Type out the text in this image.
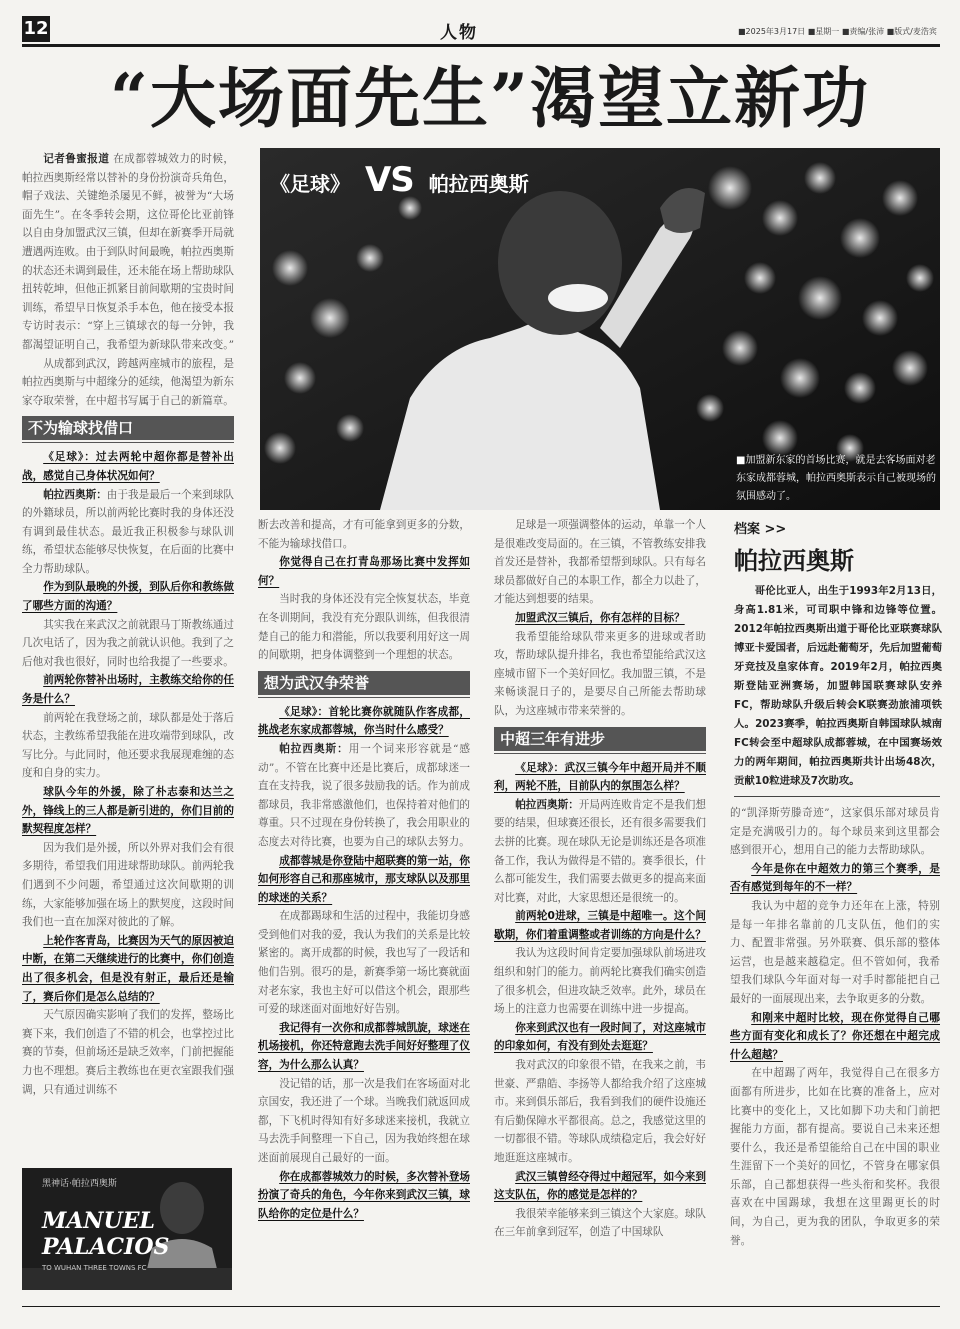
12	人物	■2025年3月17日 ■星期一 ■责编/张沛 ■版式/麦浩宾
“大场面先生”渴望立新功
《足球》 VS 帕拉西奥斯
■加盟新东家的首场比赛，就是去客场面对老东家成都蓉城，帕拉西奥斯表示自己被现场的氛围感动了。

记者鲁蜜报道 在成都蓉城效力的时候，帕拉西奥斯经常以替补的身份扮演奇兵角色，帽子戏法、关键绝杀屡见不鲜，被誉为“大场面先生”。在冬季转会期，这位哥伦比亚前锋以自由身加盟武汉三镇，但却在新赛季开局就遭遇两连败。由于到队时间最晚，帕拉西奥斯的状态还未调到最佳，还未能在场上帮助球队扭转乾坤，但他正抓紧目前间歇期的宝贵时间训练，希望早日恢复杀手本色，他在接受本报专访时表示：“穿上三镇球衣的每一分钟，我都渴望证明自己，我希望为新球队带来改变。”

从成都到武汉，跨越两座城市的旅程，是帕拉西奥斯与中超缘分的延续，他渴望为新东家夺取荣誉，在中超书写属于自己的新篇章。

不为输球找借口

《足球》：过去两轮中超你都是替补出战，感觉自己身体状况如何？

帕拉西奥斯：由于我是最后一个来到球队的外籍球员，所以前两轮比赛时我的身体还没有调到最佳状态。最近我正积极参与球队训练，希望状态能够尽快恢复，在后面的比赛中全力帮助球队。

作为到队最晚的外援，到队后你和教练做了哪些方面的沟通？

其实我在来武汉之前就跟马丁斯教练通过几次电话了，因为我之前就认识他。我到了之后他对我也很好，同时也给我提了一些要求。

前两轮你替补出场时，主教练交给你的任务是什么？

前两轮在我登场之前，球队都是处于落后状态，主教练希望我能在进攻端带到球队，改写比分。与此同时，他还要求我展现难缠的态度和自身的实力。

球队今年的外援，除了朴志泰和达兰之外，锋线上的三人都是新引进的，你们目前的默契程度怎样？

因为我们是外援，所以外界对我们会有很多期待，希望我们用进球帮助球队。前两轮我们遇到不少问题，希望通过这次间歇期的训练，大家能够加强在场上的默契度，这段时间我们也一直在加深对彼此的了解。

上轮作客青岛，比赛因为天气的原因被迫中断，在第二天继续进行的比赛中，你们创造出了很多机会，但是没有射正，最后还是输了，赛后你们是怎么总结的？

天气原因确实影响了我们的发挥，整场比赛下来，我们创造了不错的机会，也掌控过比赛的节奏，但前场还是缺乏效率，门前把握能力也不理想。赛后主教练也在更衣室跟我们强调，只有通过训练不

黑神话·帕拉西奥斯
MANUEL
PALACIOS
TO WUHAN THREE TOWNS FC

断去改善和提高，才有可能拿到更多的分数，不能为输球找借口。

你觉得自己在打青岛那场比赛中发挥如何？

当时我的身体还没有完全恢复状态，毕竟在冬训期间，我没有充分跟队训练，但我很清楚自己的能力和潜能，所以我要利用好这一周的间歇期，把身体调整到一个理想的状态。

想为武汉争荣誉

《足球》：首轮比赛你就随队作客成都，挑战老东家成都蓉城，你当时什么感受？

帕拉西奥斯：用一个词来形容就是“感动”。不管在比赛中还是比赛后，成都球迷一直在支持我，说了很多鼓励我的话。作为前成都球员，我非常感激他们，也保持着对他们的尊重。只不过现在身份转换了，我会用职业的态度去对待比赛，也要为自己的球队去努力。

成都蓉城是你登陆中超联赛的第一站，你如何形容自己和那座城市，那支球队以及那里的球迷的关系？

在成都踢球和生活的过程中，我能切身感受到他们对我的爱，我认为我们的关系是比较紧密的。离开成都的时候，我也写了一段话和他们告别。很巧的是，新赛季第一场比赛就面对老东家，我也主好可以借这个机会，跟那些可爱的球迷面对面地好好告别。

我记得有一次你和成都蓉城凯旋，球迷在机场接机，你还特意跑去洗手间好好整理了仪容，为什么那么认真？

没记错的话，那一次是我们在客场面对北京国安，我还进了一个球。当晚我们就返回成都，下飞机时得知有好多球迷来接机，我就立马去洗手间整理一下自己，因为我始终想在球迷面前展现自己最好的一面。

你在成都蓉城效力的时候，多次替补登场扮演了奇兵的角色，今年你来到武汉三镇，球队给你的定位是什么？

足球是一项强调整体的运动，单靠一个人是很难改变局面的。在三镇，不管教练安排我首发还是替补，我都希望帮到球队。只有每名球员都做好自己的本职工作，都全力以赴了，才能达到想要的结果。

加盟武汉三镇后，你有怎样的目标？

我希望能给球队带来更多的进球或者助攻，帮助球队提升排名，我也希望能给武汉这座城市留下一个美好回忆。我加盟三镇，不是来畅谈混日子的，是要尽自己所能去帮助球队，为这座城市带来荣誉的。

中超三年有进步

《足球》：武汉三镇今年中超开局并不顺利，两轮不胜，目前队内的氛围怎么样？

帕拉西奥斯：开局两连败肯定不是我们想要的结果，但球赛还很长，还有很多需要我们去拼的比赛。现在球队无论是训练还是各项准备工作，我认为做得是不错的。赛季很长，什么都可能发生，我们需要去做更多的提高来面对比赛，对此，大家思想还是很统一的。

前两轮0进球，三镇是中超唯一。这个间歇期，你们着重调整或者训练的方向是什么？

我认为这段时间肯定要加强球队前场进攻组织和射门的能力。前两轮比赛我们确实创造了很多机会，但进攻缺乏效率。此外，球员在场上的注意力也需要在训练中进一步提高。

你来到武汉也有一段时间了，对这座城市的印象如何，有没有到处去逛逛？

我对武汉的印象很不错，在我来之前，韦世豪、严鼎皓、李扬等人都给我介绍了这座城市。来到俱乐部后，我看到我们的硬件设施还有后勤保障水平都很高。总之，我感觉这里的一切都很不错。等球队成绩稳定后，我会好好地逛逛这座城市。

武汉三镇曾经夺得过中超冠军，如今来到这支队伍，你的感觉是怎样的？

我很荣幸能够来到三镇这个大家庭。球队在三年前拿到冠军，创造了中国球队

档案 >>
帕拉西奥斯
哥伦比亚人，出生于1993年2月13日，身高1.81米，可司职中锋和边锋等位置。2012年帕拉西奥斯出道于哥伦比亚联赛球队博亚卡爱国者，后远赴葡萄牙，先后加盟葡萄牙竞技及皇家体育。2019年2月，帕拉西奥斯登陆亚洲赛场，加盟韩国联赛球队安养FC，帮助球队升级后转会K联赛劲旅浦项铁人。2023赛季，帕拉西奥斯自韩国球队城南FC转会至中超球队成都蓉城，在中国赛场效力的两年期间，帕拉西奥斯共计出场48次，贡献10粒进球及7次助攻。

的“凯泽斯劳滕奇迹”，这家俱乐部对球员肯定是充满吸引力的。每个球员来到这里都会感到很开心，想用自己的能力去帮助球队。

今年是你在中超效力的第三个赛季，是否有感觉到每年的不一样？

我认为中超的竞争力还年在上涨，特别是每一年排名靠前的几支队伍，他们的实力、配置非常强。另外联赛、俱乐部的整体运营，也是越来越稳定。但不管如何，我希望我们球队今年面对每一对手时都能把自己最好的一面展现出来，去争取更多的分数。

和刚来中超时比较，现在你觉得自己哪些方面有变化和成长了？你还想在中超完成什么超越？

在中超踢了两年，我觉得自己在很多方面都有所进步，比如在比赛的准备上，应对比赛中的变化上，又比如脚下功夫和门前把握能力方面，都有提高。要说自己未来还想要什么，我还是希望能给自己在中国的职业生涯留下一个美好的回忆，不管身在哪家俱乐部，自己都想获得一些头衔和奖杯。我很喜欢在中国踢球，我想在这里踢更长的时间，为自己，更为我的团队，争取更多的荣誉。
